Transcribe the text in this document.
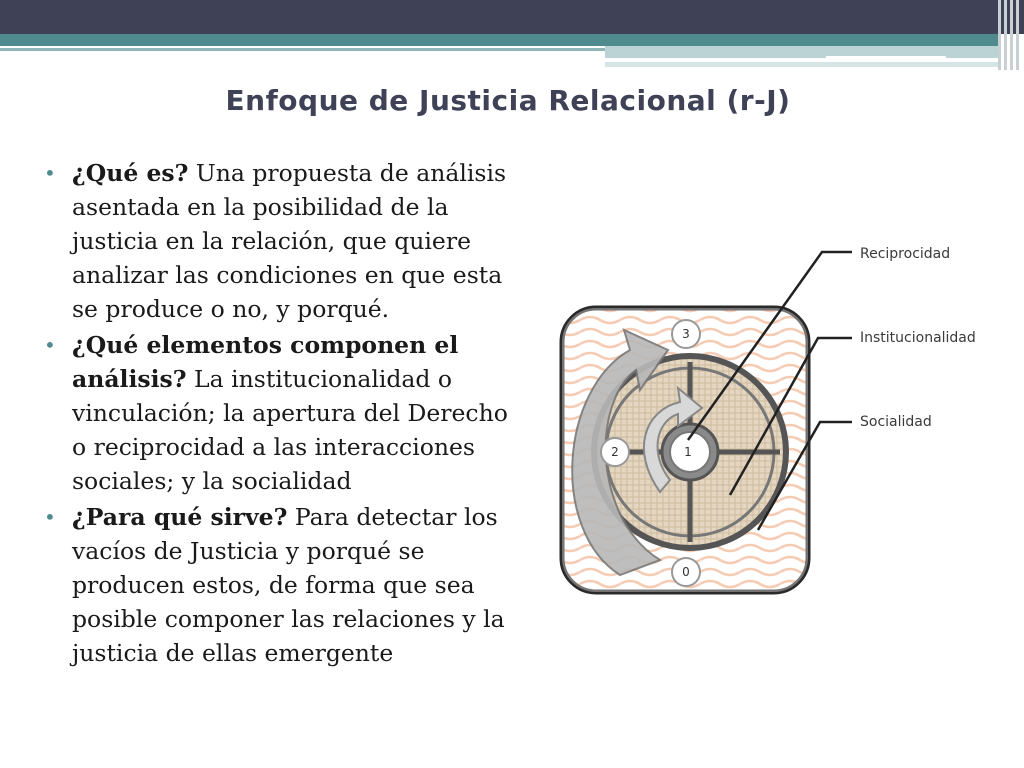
Enfoque de Justicia Relacional (r-J)
• ¿Qué es? Una propuesta de análisis asentada en la posibilidad de la justicia en la relación, que quiere analizar las condiciones en que esta se produce o no, y porqué.
• ¿Qué elementos componen el análisis? La institucionalidad o vinculación; la apertura del Derecho o reciprocidad a las interacciones sociales; y la socialidad
• ¿Para qué sirve? Para detectar los vacíos de Justicia y porqué se producen estos, de forma que sea posible componer las relaciones y la justicia de ellas emergente
3
2	1
0
Reciprocidad
Institucionalidad
Socialidad
